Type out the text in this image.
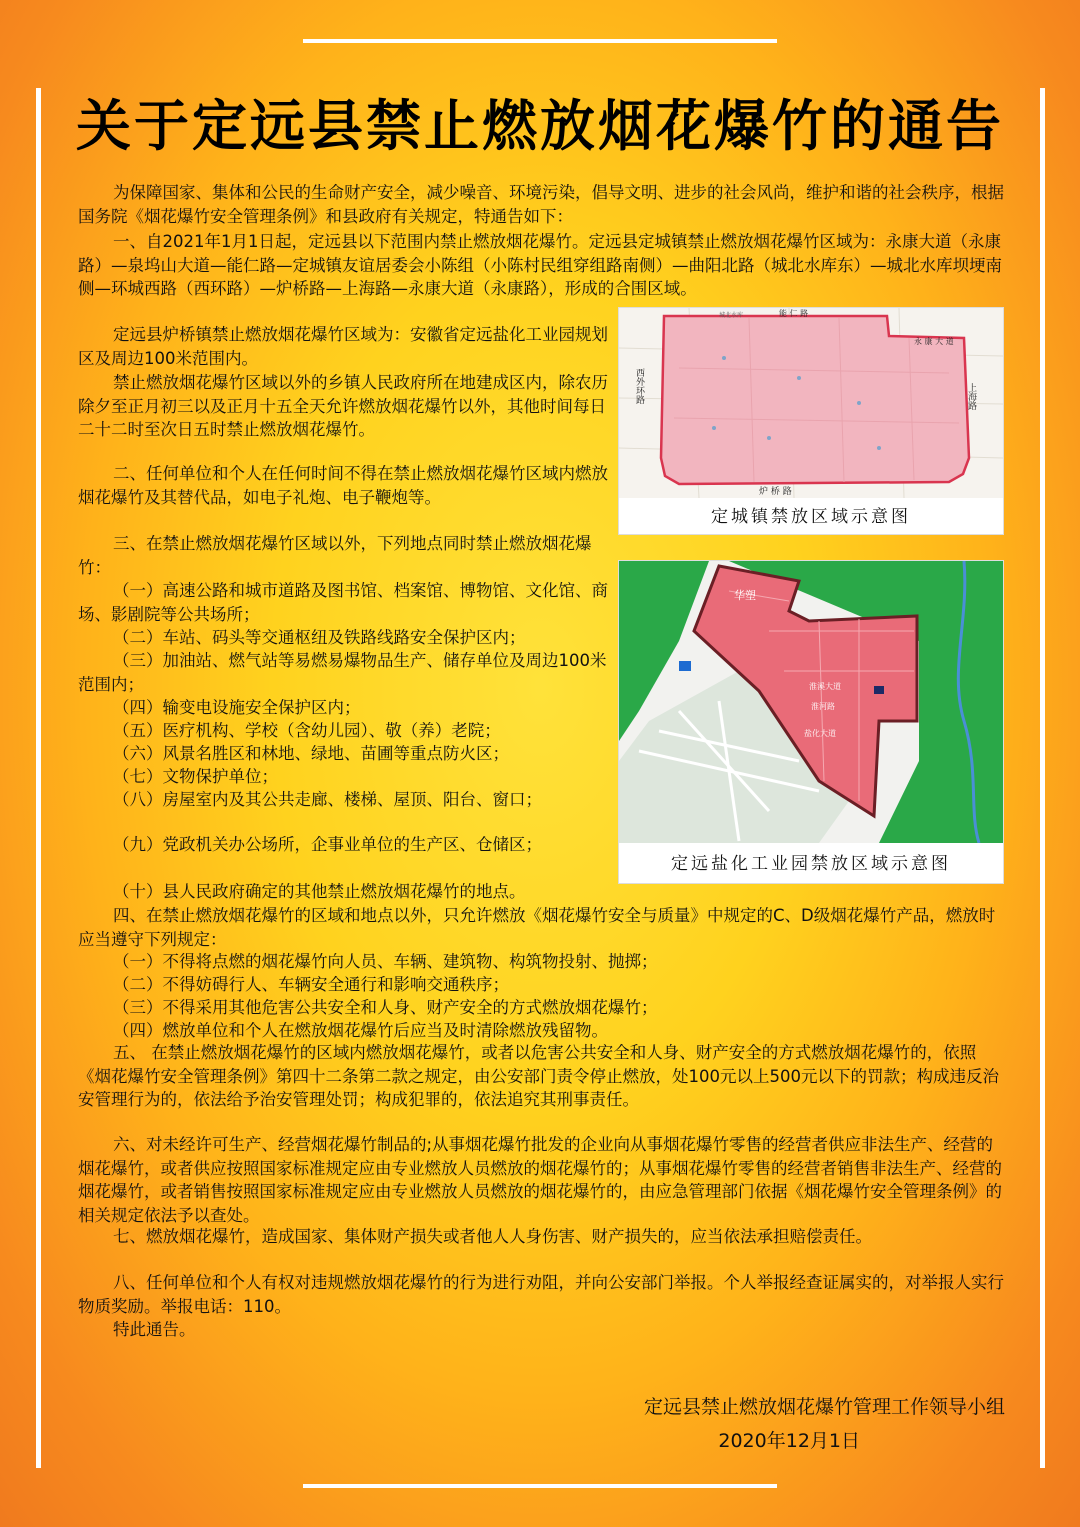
关于定远县禁止燃放烟花爆竹的通告

为保障国家、集体和公民的生命财产安全，减少噪音、环境污染，倡导文明、进步的社会风尚，维护和谐的社会秩序，根据国务院《烟花爆竹安全管理条例》和县政府有关规定，特通告如下：

一、自2021年1月1日起，定远县以下范围内禁止燃放烟花爆竹。定远县定城镇禁止燃放烟花爆竹区域为：永康大道（永康路）—泉坞山大道—能仁路—定城镇友谊居委会小陈组（小陈村民组穿组路南侧）—曲阳北路（城北水库东）—城北水库坝埂南侧—环城西路（西环路）—炉桥路—上海路—永康大道（永康路），形成的合围区域。

定远县炉桥镇禁止燃放烟花爆竹区域为：安徽省定远盐化工业园规划区及周边100米范围内。

禁止燃放烟花爆竹区域以外的乡镇人民政府所在地建成区内，除农历除夕至正月初三以及正月十五全天允许燃放烟花爆竹以外，其他时间每日二十二时至次日五时禁止燃放烟花爆竹。

二、任何单位和个人在任何时间不得在禁止燃放烟花爆竹区域内燃放烟花爆竹及其替代品，如电子礼炮、电子鞭炮等。

三、在禁止燃放烟花爆竹区域以外，下列地点同时禁止燃放烟花爆竹：

（一）高速公路和城市道路及图书馆、档案馆、博物馆、文化馆、商场、影剧院等公共场所；

（二）车站、码头等交通枢纽及铁路线路安全保护区内；

（三）加油站、燃气站等易燃易爆物品生产、储存单位及周边100米范围内；

（四）输变电设施安全保护区内；

（五）医疗机构、学校（含幼儿园）、敬（养）老院；

（六）风景名胜区和林地、绿地、苗圃等重点防火区；

（七）文物保护单位；

（八）房屋室内及其公共走廊、楼梯、屋顶、阳台、窗口；

（九）党政机关办公场所，企事业单位的生产区、仓储区；

（十）县人民政府确定的其他禁止燃放烟花爆竹的地点。

四、在禁止燃放烟花爆竹的区域和地点以外，只允许燃放《烟花爆竹安全与质量》中规定的C、D级烟花爆竹产品，燃放时应当遵守下列规定：

（一）不得将点燃的烟花爆竹向人员、车辆、建筑物、构筑物投射、抛掷；

（二）不得妨碍行人、车辆安全通行和影响交通秩序；

（三）不得采用其他危害公共安全和人身、财产安全的方式燃放烟花爆竹；

（四）燃放单位和个人在燃放烟花爆竹后应当及时清除燃放残留物。

五、 在禁止燃放烟花爆竹的区域内燃放烟花爆竹，或者以危害公共安全和人身、财产安全的方式燃放烟花爆竹的，依照《烟花爆竹安全管理条例》第四十二条第二款之规定，由公安部门责令停止燃放，处100元以上500元以下的罚款；构成违反治安管理行为的，依法给予治安管理处罚；构成犯罪的，依法追究其刑事责任。

六、对未经许可生产、经营烟花爆竹制品的;从事烟花爆竹批发的企业向从事烟花爆竹零售的经营者供应非法生产、经营的烟花爆竹，或者供应按照国家标准规定应由专业燃放人员燃放的烟花爆竹的；从事烟花爆竹零售的经营者销售非法生产、经营的烟花爆竹，或者销售按照国家标准规定应由专业燃放人员燃放的烟花爆竹的，由应急管理部门依据《烟花爆竹安全管理条例》的相关规定依法予以查处。

七、燃放烟花爆竹，造成国家、集体财产损失或者他人人身伤害、财产损失的，应当依法承担赔偿责任。

八、任何单位和个人有权对违规燃放烟花爆竹的行为进行劝阻，并向公安部门举报。个人举报经查证属实的，对举报人实行物质奖励。举报电话：110。

特此通告。

能 仁 路
城北水库
永 康 大 道
西外环路	上海路
炉 桥 路
定城镇禁放区域示意图
华塑
淮溪大道
淮河路
盐化大道
定远盐化工业园禁放区域示意图
定远县禁止燃放烟花爆竹管理工作领导小组
2020年12月1日
